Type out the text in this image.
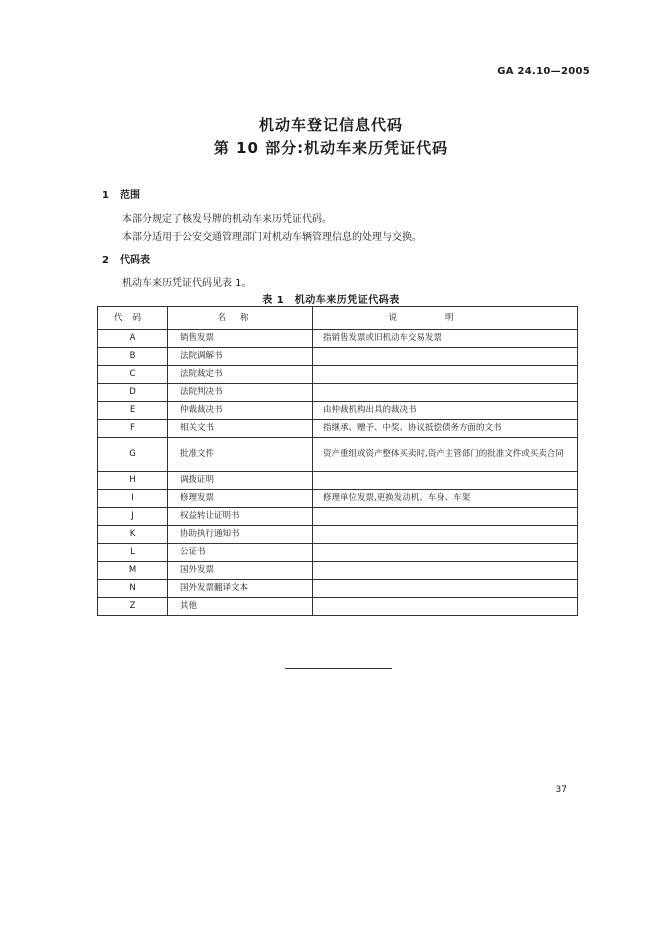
GA 24.10—2005
机动车登记信息代码
第 10 部分:机动车来历凭证代码
1 范围
本部分规定了核发号牌的机动车来历凭证代码。
本部分适用于公安交通管理部门对机动车辆管理信息的处理与交换。
2 代码表
机动车来历凭证代码见表 1。
表 1　机动车来历凭证代码表
代码	名称	说明
A	销售发票	指销售发票或旧机动车交易发票
B	法院调解书	
C	法院裁定书	
D	法院判决书	
E	仲裁裁决书	由仲裁机构出具的裁决书
F	相关文书	指继承、赠予、中奖、协议抵偿债务方面的文书
G	批准文件	资产重组或资产整体买卖时,资产主管部门的批准文件或买卖合同
H	调拨证明	
I	修理发票	修理单位发票,更换发动机、车身、车架
J	权益转让证明书	
K	协助执行通知书	
L	公证书	
M	国外发票	
N	国外发票翻译文本	
Z	其他	
37
